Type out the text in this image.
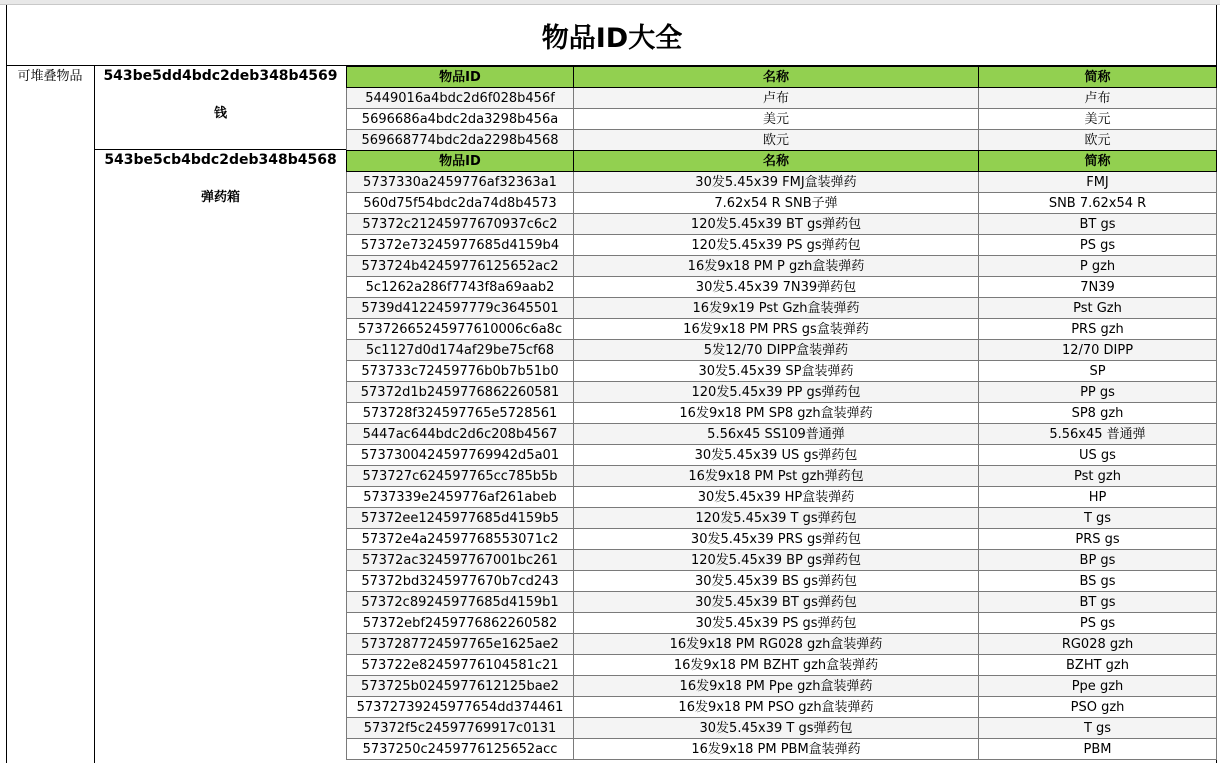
物品ID大全
可堆叠物品	543be5dd4bdc2deb348b4569
钱
物品ID	名称	简称
5449016a4bdc2d6f028b456f	卢布	卢布
5696686a4bdc2da3298b456a	美元	美元
569668774bdc2da2298b4568	欧元	欧元
543be5cb4bdc2deb348b4568
弹药箱
物品ID	名称	简称
5737330a2459776af32363a1	30发5.45x39 FMJ盒装弹药	FMJ
560d75f54bdc2da74d8b4573	7.62x54 R SNB子弹	SNB 7.62x54 R
57372c21245977670937c6c2	120发5.45x39 BT gs弹药包	BT gs
57372e73245977685d4159b4	120发5.45x39 PS gs弹药包	PS gs
573724b42459776125652ac2	16发9x18 PM P gzh盒装弹药	P gzh
5c1262a286f7743f8a69aab2	30发5.45x39 7N39弹药包	7N39
5739d41224597779c3645501	16发9x19 Pst Gzh盒装弹药	Pst Gzh
57372665245977610006c6a8c	16发9x18 PM PRS gs盒装弹药	PRS gzh
5c1127d0d174af29be75cf68	5发12/70 DIPP盒装弹药	12/70 DIPP
573733c72459776b0b7b51b0	30发5.45x39 SP盒装弹药	SP
57372d1b2459776862260581	120发5.45x39 PP gs弹药包	PP gs
573728f324597765e5728561	16发9x18 PM SP8 gzh盒装弹药	SP8 gzh
5447ac644bdc2d6c208b4567	5.56x45 SS109普通弹	5.56x45 普通弹
5737300424597769942d5a01	30发5.45x39 US gs弹药包	US gs
573727c624597765cc785b5b	16发9x18 PM Pst gzh弹药包	Pst gzh
5737339e2459776af261abeb	30发5.45x39 HP盒装弹药	HP
57372ee1245977685d4159b5	120发5.45x39 T gs弹药包	T gs
57372e4a24597768553071c2	30发5.45x39 PRS gs弹药包	PRS gs
57372ac324597767001bc261	120发5.45x39 BP gs弹药包	BP gs
57372bd3245977670b7cd243	30发5.45x39 BS gs弹药包	BS gs
57372c89245977685d4159b1	30发5.45x39 BT gs弹药包	BT gs
57372ebf2459776862260582	30发5.45x39 PS gs弹药包	PS gs
5737287724597765e1625ae2	16发9x18 PM RG028 gzh盒装弹药	RG028 gzh
573722e82459776104581c21	16发9x18 PM BZHT gzh盒装弹药	BZHT gzh
573725b0245977612125bae2	16发9x18 PM Ppe gzh盒装弹药	Ppe gzh
57372739245977654dd374461	16发9x18 PM PSO gzh盒装弹药	PSO gzh
57372f5c24597769917c0131	30发5.45x39 T gs弹药包	T gs
5737250c2459776125652acc	16发9x18 PM PBM盒装弹药	PBM
